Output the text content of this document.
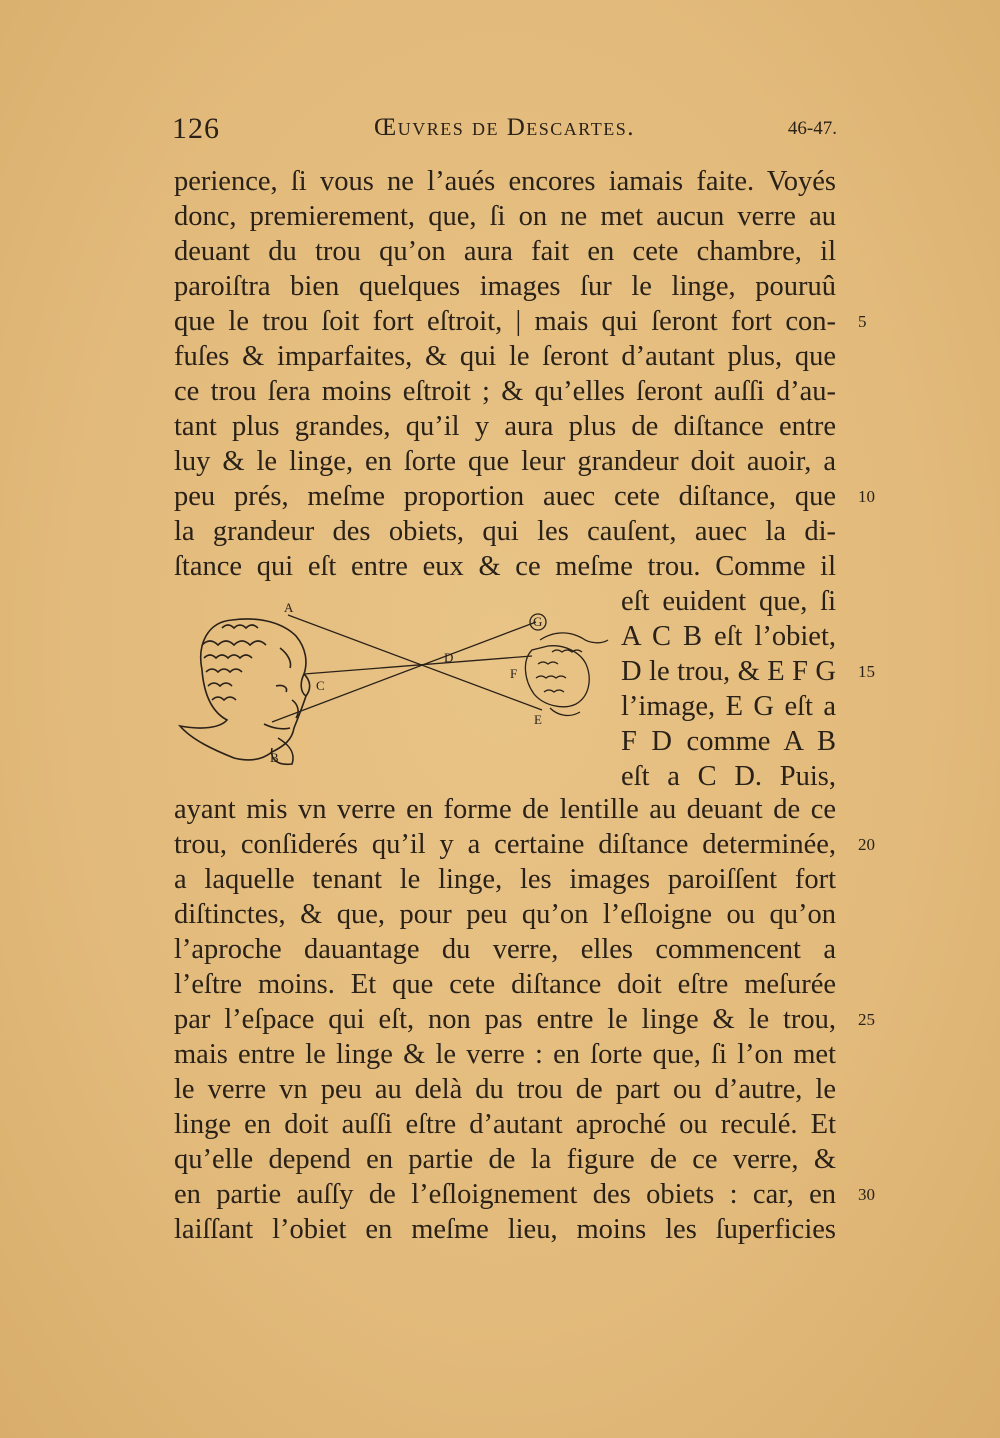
126	Œuvres de Descartes.	46-47.
perience, ſi vous ne l’aués encores iamais faite. Voyés
donc, premierement, que, ſi on ne met aucun verre au
deuant du trou qu’on aura fait en cete chambre, il
paroiſtra bien quelques images ſur le linge, pouruû
que le trou ſoit fort eſtroit, | mais qui ſeront fort con-
fuſes & imparfaites, & qui le ſeront d’autant plus, que
ce trou ſera moins eſtroit ; & qu’elles ſeront auſſi d’au-
tant plus grandes, qu’il y aura plus de diſtance entre
luy & le linge, en ſorte que leur grandeur doit auoir, a
peu prés, meſme proportion auec cete diſtance, que
la grandeur des obiets, qui les cauſent, auec la di-
ſtance qui eſt entre eux & ce meſme trou. Comme il
A
B
C
D
E
F
G
eſt euident que, ſi
A C B eſt l’obiet,
D le trou, & E F G
l’image, E G eſt a
F D comme A B
eſt a C D. Puis,
ayant mis vn verre en forme de lentille au deuant de ce
trou, conſiderés qu’il y a certaine diſtance determinée,
a laquelle tenant le linge, les images paroiſſent fort
diſtinctes, & que, pour peu qu’on l’eſloigne ou qu’on
l’aproche dauantage du verre, elles commencent a
l’eſtre moins. Et que cete diſtance doit eſtre meſurée
par l’eſpace qui eſt, non pas entre le linge & le trou,
mais entre le linge & le verre : en ſorte que, ſi l’on met
le verre vn peu au delà du trou de part ou d’autre, le
linge en doit auſſi eſtre d’autant aproché ou reculé. Et
qu’elle depend en partie de la figure de ce verre, &
en partie auſſy de l’eſloignement des obiets : car, en
laiſſant l’obiet en meſme lieu, moins les ſuperficies
5
10
15
20
25
30
